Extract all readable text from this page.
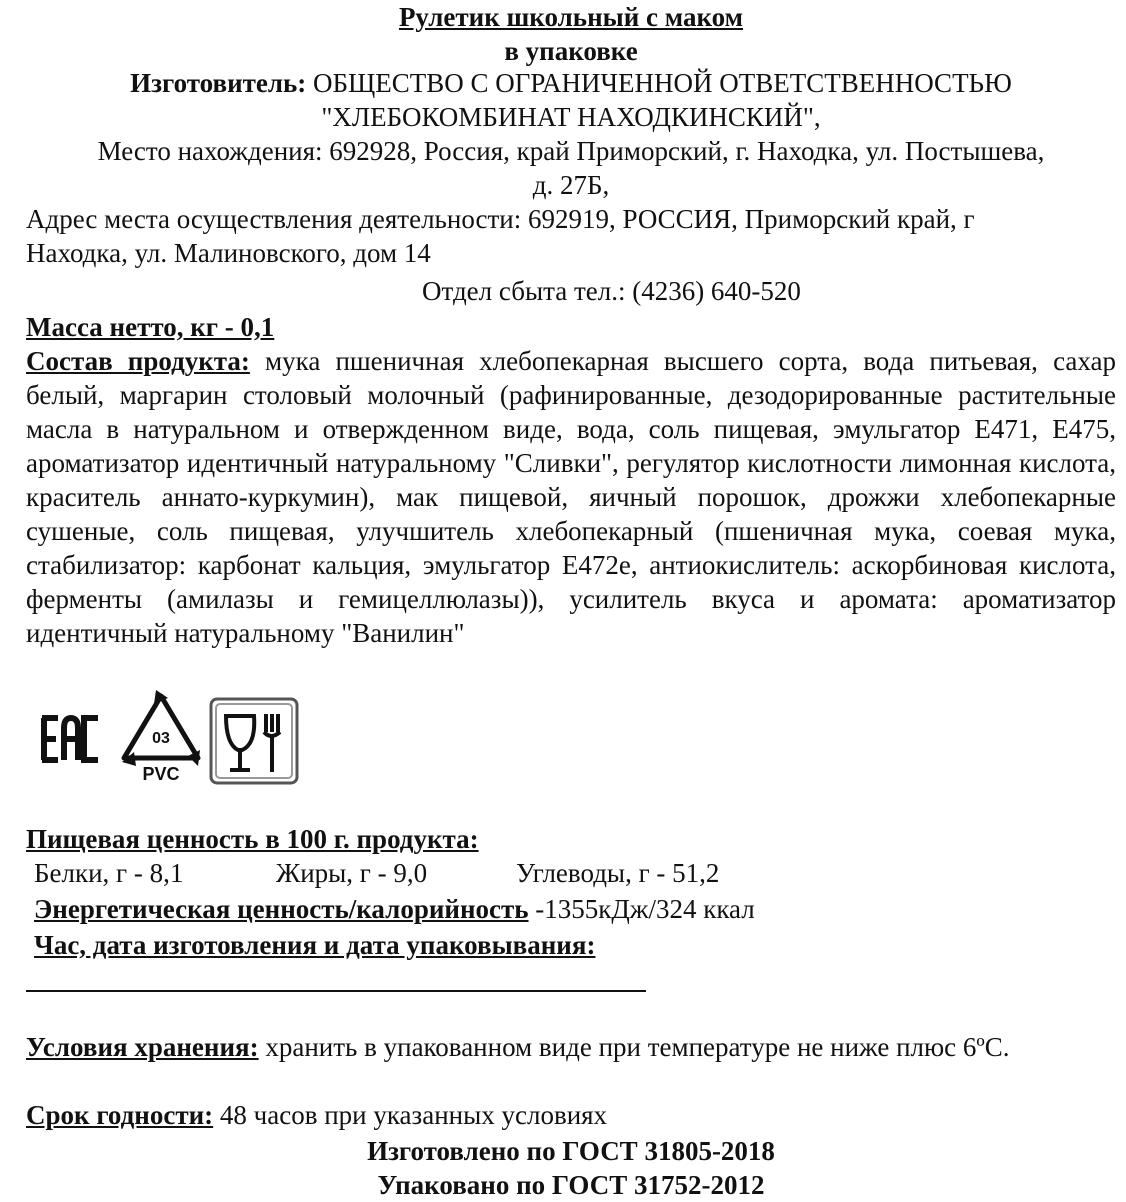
Рулетик школьный с маком
в упаковке
Изготовитель: ОБЩЕСТВО С ОГРАНИЧЕННОЙ ОТВЕТСТВЕННОСТЬЮ
"ХЛЕБОКОМБИНАТ НАХОДКИНСКИЙ",
Место нахождения: 692928, Россия, край Приморский, г. Находка, ул. Постышева,
д. 27Б,
Адрес места осуществления деятельности: 692919, РОССИЯ, Приморский край, г
Находка, ул. Малиновского, дом 14
Отдел сбыта тел.: (4236) 640-520
Масса нетто, кг - 0,1
Состав продукта: мука пшеничная хлебопекарная высшего сорта, вода питьевая, сахар белый, маргарин столовый молочный (рафинированные, дезодорированные растительные масла в натуральном и отвержденном виде, вода, соль пищевая, эмульгатор Е471, Е475, ароматизатор идентичный натуральному "Сливки", регулятор кислотности лимонная кислота, краситель аннато-куркумин), мак пищевой, яичный порошок, дрожжи хлебопекарные сушеные, соль пищевая, улучшитель хлебопекарный (пшеничная мука, соевая мука, стабилизатор: карбонат кальция, эмульгатор Е472е, антиокислитель: аскорбиновая кислота, ферменты (амилазы и гемицеллюлазы)), усилитель вкуса и аромата: ароматизатор идентичный натуральному "Ванилин"
Пищевая ценность в 100 г. продукта:
Белки, г - 8,1	Жиры, г - 9,0	Углеводы, г - 51,2
Энергетическая ценность/калорийность -1355кДж/324 ккал
Час, дата изготовления и дата упаковывания:
Условия хранения: хранить в упакованном виде при температуре не ниже плюс 6ºС.
Срок годности: 48 часов при указанных условиях
Изготовлено по ГОСТ 31805-2018
Упаковано по ГОСТ 31752-2012
03
PVC
